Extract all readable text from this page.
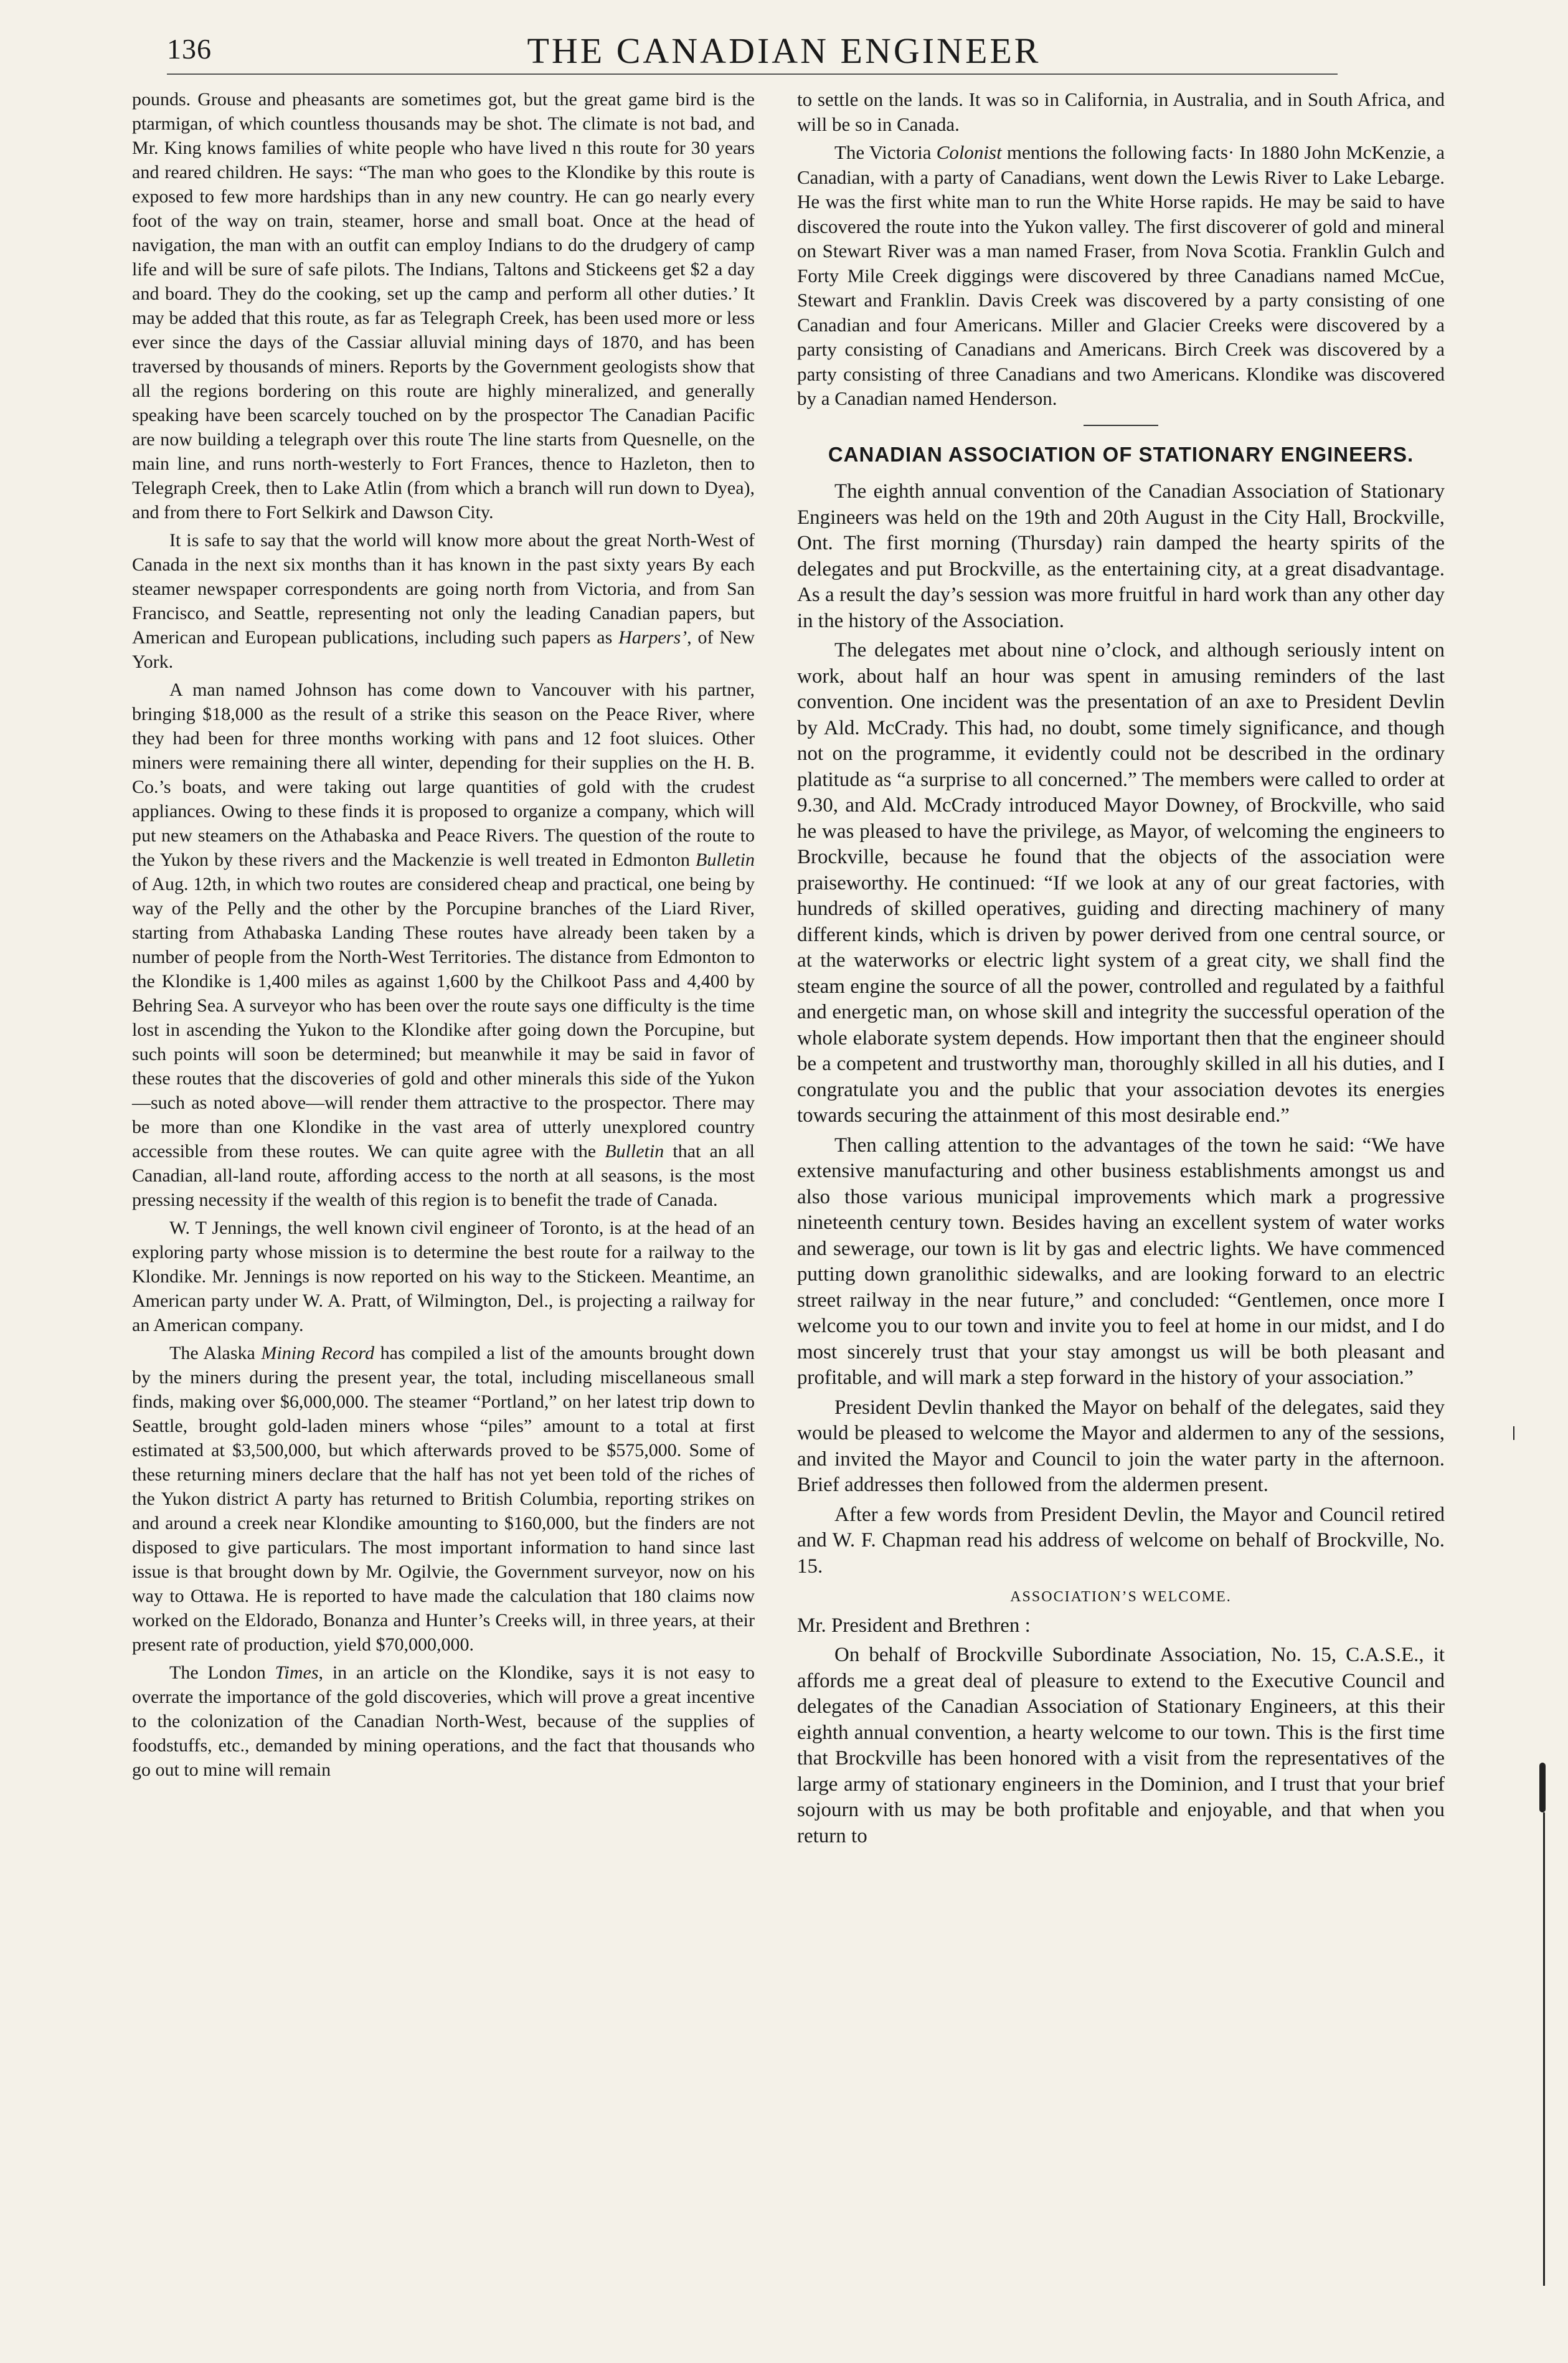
136	THE CANADIAN ENGINEER

pounds. Grouse and pheasants are sometimes got, but the great game bird is the ptarmigan, of which countless thousands may be shot. The climate is not bad, and Mr. King knows families of white people who have lived n this route for 30 years and reared children. He says: “The man who goes to the Klondike by this route is exposed to few more hardships than in any new country. He can go nearly every foot of the way on train, steamer, horse and small boat. Once at the head of navigation, the man with an outfit can employ Indians to do the drudgery of camp life and will be sure of safe pilots. The Indians, Taltons and Stickeens get $2 a day and board. They do the cooking, set up the camp and perform all other duties.’ It may be added that this route, as far as Telegraph Creek, has been used more or less ever since the days of the Cassiar alluvial mining days of 1870, and has been traversed by thousands of miners. Reports by the Government geologists show that all the regions bordering on this route are highly mineralized, and generally speaking have been scarcely touched on by the prospector The Canadian Pacific are now building a telegraph over this route The line starts from Quesnelle, on the main line, and runs north-westerly to Fort Frances, thence to Hazleton, then to Telegraph Creek, then to Lake Atlin (from which a branch will run down to Dyea), and from there to Fort Selkirk and Dawson City.

It is safe to say that the world will know more about the great North-West of Canada in the next six months than it has known in the past sixty years By each steamer newspaper correspondents are going north from Victoria, and from San Francisco, and Seattle, representing not only the leading Canadian papers, but American and European publications, including such papers as Harpers’, of New York.

A man named Johnson has come down to Vancouver with his partner, bringing $18,000 as the result of a strike this season on the Peace River, where they had been for three months working with pans and 12 foot sluices. Other miners were remaining there all winter, depending for their supplies on the H. B. Co.’s boats, and were taking out large quantities of gold with the crudest appliances. Owing to these finds it is proposed to organize a company, which will put new steamers on the Athabaska and Peace Rivers. The question of the route to the Yukon by these rivers and the Mackenzie is well treated in Edmonton Bulletin of Aug. 12th, in which two routes are considered cheap and practical, one being by way of the Pelly and the other by the Porcupine branches of the Liard River, starting from Athabaska Landing These routes have already been taken by a number of people from the North-West Territories. The distance from Edmonton to the Klondike is 1,400 miles as against 1,600 by the Chilkoot Pass and 4,400 by Behring Sea. A surveyor who has been over the route says one difficulty is the time lost in ascending the Yukon to the Klondike after going down the Porcupine, but such points will soon be determined; but meanwhile it may be said in favor of these routes that the discoveries of gold and other minerals this side of the Yukon—such as noted above—will render them attractive to the prospector. There may be more than one Klondike in the vast area of utterly unexplored country accessible from these routes. We can quite agree with the Bulletin that an all Canadian, all-land route, affording access to the north at all seasons, is the most pressing necessity if the wealth of this region is to benefit the trade of Canada.

W. T Jennings, the well known civil engineer of Toronto, is at the head of an exploring party whose mission is to determine the best route for a railway to the Klondike. Mr. Jennings is now reported on his way to the Stickeen. Meantime, an American party under W. A. Pratt, of Wilmington, Del., is projecting a railway for an American company.

The Alaska Mining Record has compiled a list of the amounts brought down by the miners during the present year, the total, including miscellaneous small finds, making over $6,000,000. The steamer “Portland,” on her latest trip down to Seattle, brought gold-laden miners whose “piles” amount to a total at first estimated at $3,500,000, but which afterwards proved to be $575,000. Some of these returning miners declare that the half has not yet been told of the riches of the Yukon district A party has returned to British Columbia, reporting strikes on and around a creek near Klondike amounting to $160,000, but the finders are not disposed to give particulars. The most important information to hand since last issue is that brought down by Mr. Ogilvie, the Government surveyor, now on his way to Ottawa. He is reported to have made the calculation that 180 claims now worked on the Eldorado, Bonanza and Hunter’s Creeks will, in three years, at their present rate of production, yield $70,000,000.

The London Times, in an article on the Klondike, says it is not easy to overrate the importance of the gold discoveries, which will prove a great incentive to the colonization of the Canadian North-West, because of the supplies of foodstuffs, etc., demanded by mining operations, and the fact that thousands who go out to mine will remain

to settle on the lands. It was so in California, in Australia, and in South Africa, and will be so in Canada.

The Victoria Colonist mentions the following facts· In 1880 John McKenzie, a Canadian, with a party of Canadians, went down the Lewis River to Lake Lebarge. He was the first white man to run the White Horse rapids. He may be said to have discovered the route into the Yukon valley. The first discoverer of gold and mineral on Stewart River was a man named Fraser, from Nova Scotia. Franklin Gulch and Forty Mile Creek diggings were discovered by three Canadians named McCue, Stewart and Franklin. Davis Creek was discovered by a party consisting of one Canadian and four Americans. Miller and Glacier Creeks were discovered by a party consisting of Canadians and Americans. Birch Creek was discovered by a party consisting of three Canadians and two Americans. Klondike was discovered by a Canadian named Henderson.

CANADIAN ASSOCIATION OF STATIONARY ENGINEERS.

The eighth annual convention of the Canadian Association of Stationary Engineers was held on the 19th and 20th August in the City Hall, Brockville, Ont. The first morning (Thursday) rain damped the hearty spirits of the delegates and put Brockville, as the entertaining city, at a great disadvantage. As a result the day’s session was more fruitful in hard work than any other day in the history of the Association.

The delegates met about nine o’clock, and although seriously intent on work, about half an hour was spent in amusing reminders of the last convention. One incident was the presentation of an axe to President Devlin by Ald. McCrady. This had, no doubt, some timely significance, and though not on the programme, it evidently could not be described in the ordinary platitude as “a surprise to all concerned.” The members were called to order at 9.30, and Ald. McCrady introduced Mayor Downey, of Brockville, who said he was pleased to have the privilege, as Mayor, of welcoming the engineers to Brockville, because he found that the objects of the association were praiseworthy. He continued: “If we look at any of our great factories, with hundreds of skilled operatives, guiding and directing machinery of many different kinds, which is driven by power derived from one central source, or at the waterworks or electric light system of a great city, we shall find the steam engine the source of all the power, controlled and regulated by a faithful and energetic man, on whose skill and integrity the successful operation of the whole elaborate system depends. How important then that the engineer should be a competent and trustworthy man, thoroughly skilled in all his duties, and I congratulate you and the public that your association devotes its energies towards securing the attainment of this most desirable end.”

Then calling attention to the advantages of the town he said: “We have extensive manufacturing and other business establishments amongst us and also those various municipal improvements which mark a progressive nineteenth century town. Besides having an excellent system of water works and sewerage, our town is lit by gas and electric lights. We have commenced putting down granolithic sidewalks, and are looking forward to an electric street railway in the near future,” and concluded: “Gentlemen, once more I welcome you to our town and invite you to feel at home in our midst, and I do most sincerely trust that your stay amongst us will be both pleasant and profitable, and will mark a step forward in the history of your association.”

President Devlin thanked the Mayor on behalf of the delegates, said they would be pleased to welcome the Mayor and aldermen to any of the sessions, and invited the Mayor and Council to join the water party in the afternoon. Brief addresses then followed from the aldermen present.

After a few words from President Devlin, the Mayor and Council retired and W. F. Chapman read his address of welcome on behalf of Brockville, No. 15.

ASSOCIATION’S WELCOME.

Mr. President and Brethren :

On behalf of Brockville Subordinate Association, No. 15, C.A.S.E., it affords me a great deal of pleasure to extend to the Executive Council and delegates of the Canadian Association of Stationary Engineers, at this their eighth annual convention, a hearty welcome to our town. This is the first time that Brockville has been honored with a visit from the representatives of the large army of stationary engineers in the Dominion, and I trust that your brief sojourn with us may be both profitable and enjoyable, and that when you return to
